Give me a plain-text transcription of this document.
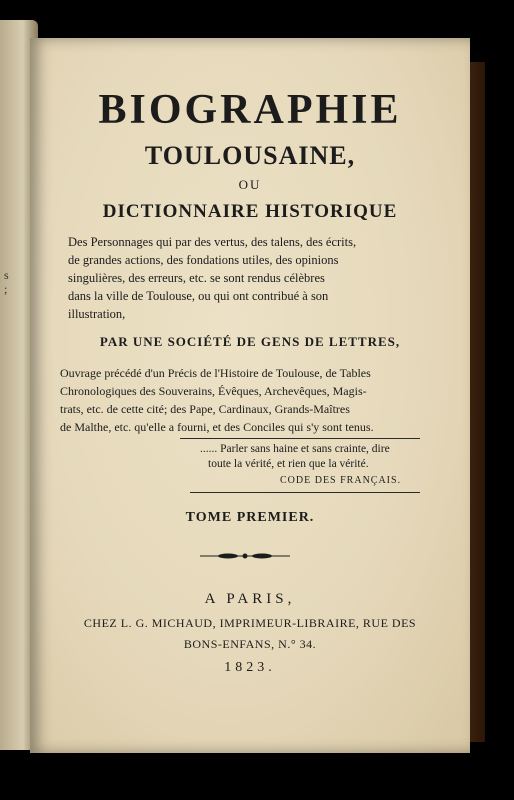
s
;
BIOGRAPHIE
TOULOUSAINE,
OU
DICTIONNAIRE HISTORIQUE
Des Personnages qui par des vertus, des talens, des écrits,
de grandes actions, des fondations utiles, des opinions
singulières, des erreurs, etc. se sont rendus célèbres
dans la ville de Toulouse, ou qui ont contribué à son
illustration,
PAR UNE SOCIÉTÉ DE GENS DE LETTRES,
Ouvrage précédé d'un Précis de l'Histoire de Toulouse, de Tables
Chronologiques des Souverains, Évêques, Archevêques, Magis-
trats, etc. de cette cité; des Pape, Cardinaux, Grands-Maîtres
de Malthe, etc. qu'elle a fourni, et des Conciles qui s'y sont tenus.
...... Parler sans haine et sans crainte, dire
toute la vérité, et rien que la vérité.
CODE DES FRANÇAIS.
TOME PREMIER.
A PARIS,
CHEZ L. G. MICHAUD, IMPRIMEUR-LIBRAIRE, RUE DES
BONS-ENFANS, N.° 34.
1823.
